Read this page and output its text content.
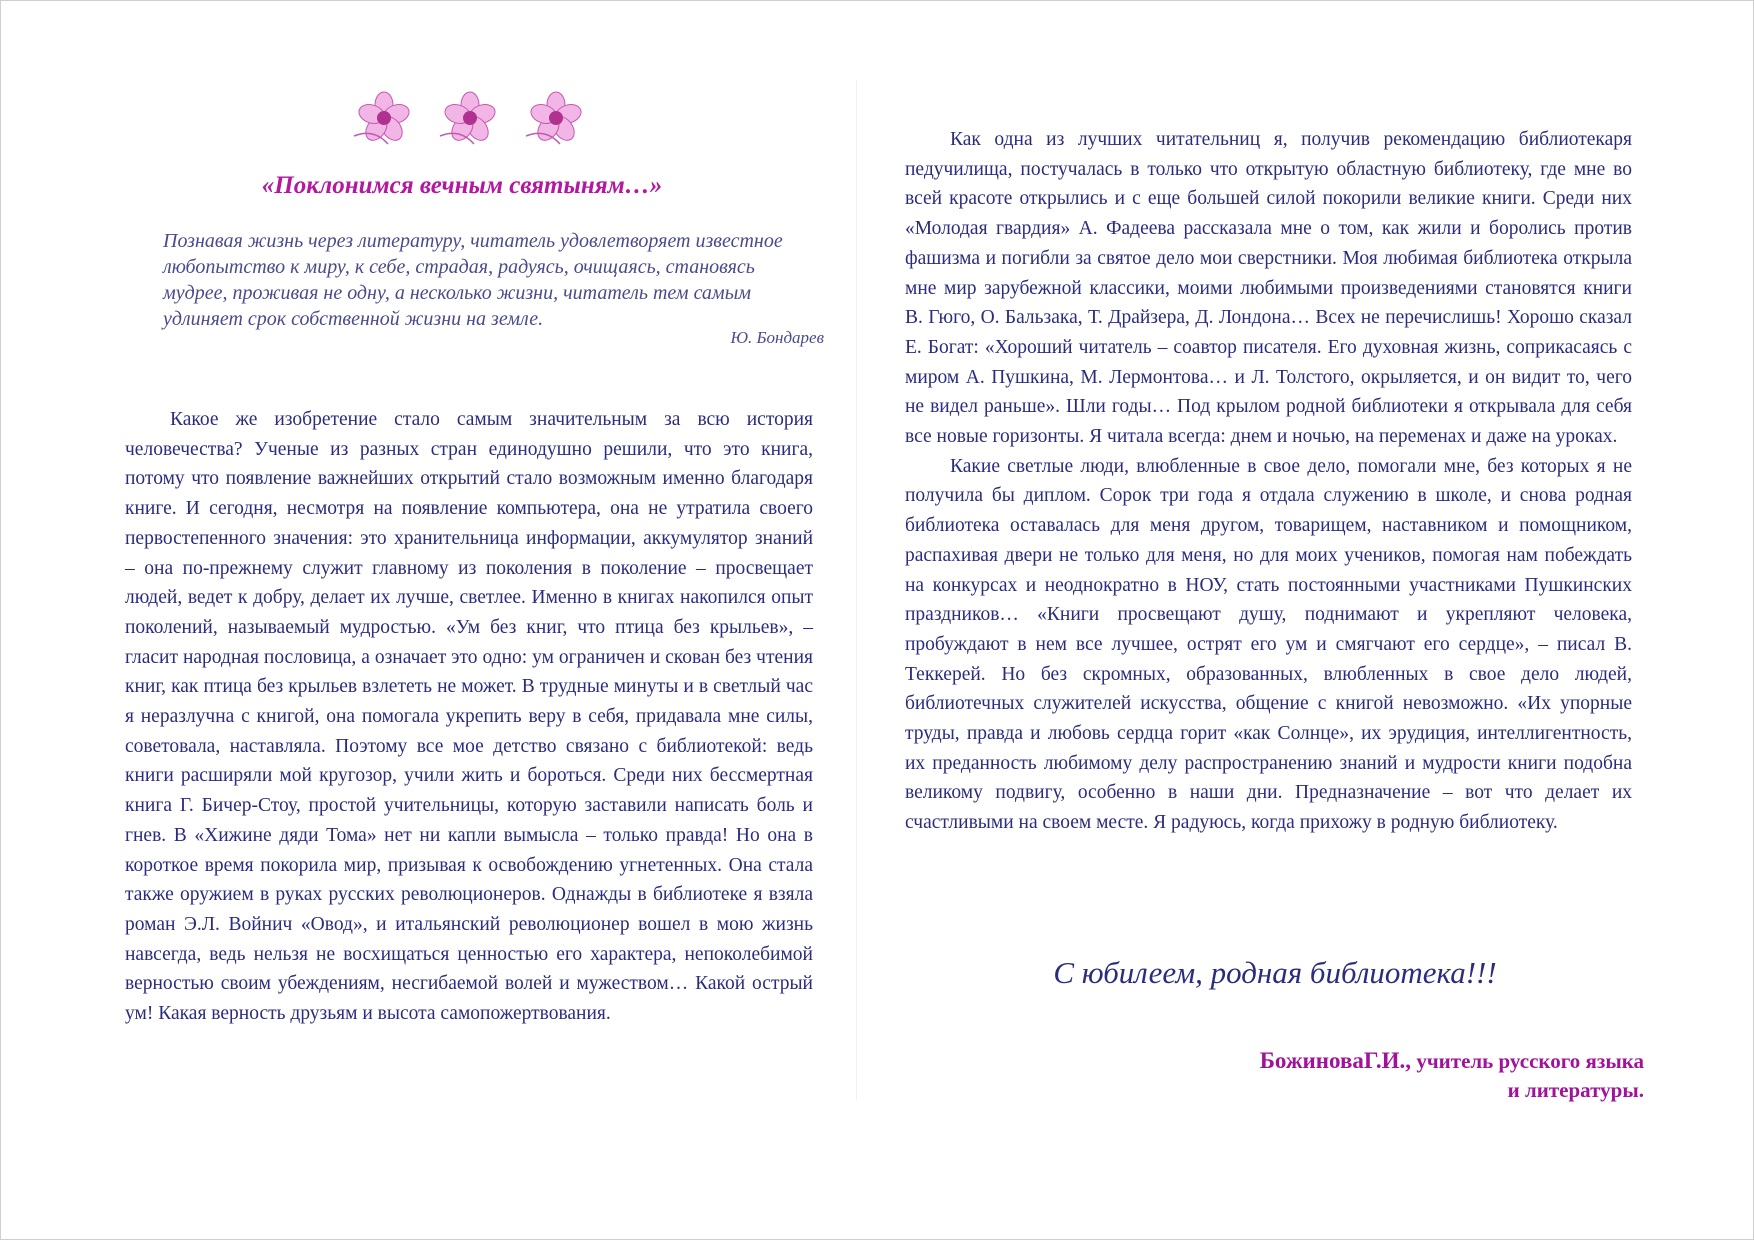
«Поклонимся вечным святыням…»
Познавая жизнь через литературу, читатель удовлетворяет известное любопытство к миру, к себе, страдая, радуясь, очищаясь, становясь мудрее, проживая не одну, а несколько жизни, читатель тем самым удлиняет срок собственной жизни на земле.
Ю. Бондарев

Какое же изобретение стало самым значительным за всю история человечества? Ученые из разных стран единодушно решили, что это книга, потому что появление важнейших открытий стало возможным именно благодаря книге. И сегодня, несмотря на появление компьютера, она не утратила своего первостепенного значения: это хранительница информации, аккумулятор знаний – она по-прежнему служит главному из поколения в поколение – просвещает людей, ведет к добру, делает их лучше, светлее. Именно в книгах накопился опыт поколений, называемый мудростью. «Ум без книг, что птица без крыльев», – гласит народная пословица, а означает это одно: ум ограничен и скован без чтения книг, как птица без крыльев взлететь не может. В трудные минуты и в светлый час я неразлучна с книгой, она помогала укрепить веру в себя, придавала мне силы, советовала, наставляла. Поэтому все мое детство связано с библиотекой: ведь книги расширяли мой кругозор, учили жить и бороться. Среди них бессмертная книга Г. Бичер-Стоу, простой учительницы, которую заставили написать боль и гнев. В «Хижине дяди Тома» нет ни капли вымысла – только правда! Но она в короткое время покорила мир, призывая к освобождению угнетенных. Она стала также оружием в руках русских революционеров. Однажды в библиотеке я взяла роман Э.Л. Войнич «Овод», и итальянский революционер вошел в мою жизнь навсегда, ведь нельзя не восхищаться ценностью его характера, непоколебимой верностью своим убеждениям, несгибаемой волей и мужеством… Какой острый ум! Какая верность друзьям и высота самопожертвования.

Как одна из лучших читательниц я, получив рекомендацию библиотекаря педучилища, постучалась в только что открытую областную библиотеку, где мне во всей красоте открылись и с еще большей силой покорили великие книги. Среди них «Молодая гвардия» А. Фадеева рассказала мне о том, как жили и боролись против фашизма и погибли за святое дело мои сверстники. Моя любимая библиотека открыла мне мир зарубежной классики, моими любимыми произведениями становятся книги В. Гюго, О. Бальзака, Т. Драйзера, Д. Лондона… Всех не перечислишь! Хорошо сказал Е. Богат: «Хороший читатель – соавтор писателя. Его духовная жизнь, соприкасаясь с миром А. Пушкина, М. Лермонтова… и Л. Толстого, окрыляется, и он видит то, чего не видел раньше». Шли годы… Под крылом родной библиотеки я открывала для себя все новые горизонты. Я читала всегда: днем и ночью, на переменах и даже на уроках.

Какие светлые люди, влюбленные в свое дело, помогали мне, без которых я не получила бы диплом. Сорок три года я отдала служению в школе, и снова родная библиотека оставалась для меня другом, товарищем, наставником и помощником, распахивая двери не только для меня, но для моих учеников, помогая нам побеждать на конкурсах и неоднократно в НОУ, стать постоянными участниками Пушкинских праздников… «Книги просвещают душу, поднимают и укрепляют человека, пробуждают в нем все лучшее, острят его ум и смягчают его сердце», – писал В. Теккерей. Но без скромных, образованных, влюбленных в свое дело людей, библиотечных служителей искусства, общение с книгой невозможно. «Их упорные труды, правда и любовь сердца горит «как Солнце», их эрудиция, интеллигентность, их преданность любимому делу распространению знаний и мудрости книги подобна великому подвигу, особенно в наши дни. Предназначение – вот что делает их счастливыми на своем месте. Я радуюсь, когда прихожу в родную библиотеку.

С юбилеем, родная библиотека!!!
БожиноваГ.И., учитель русского языка
и литературы.
